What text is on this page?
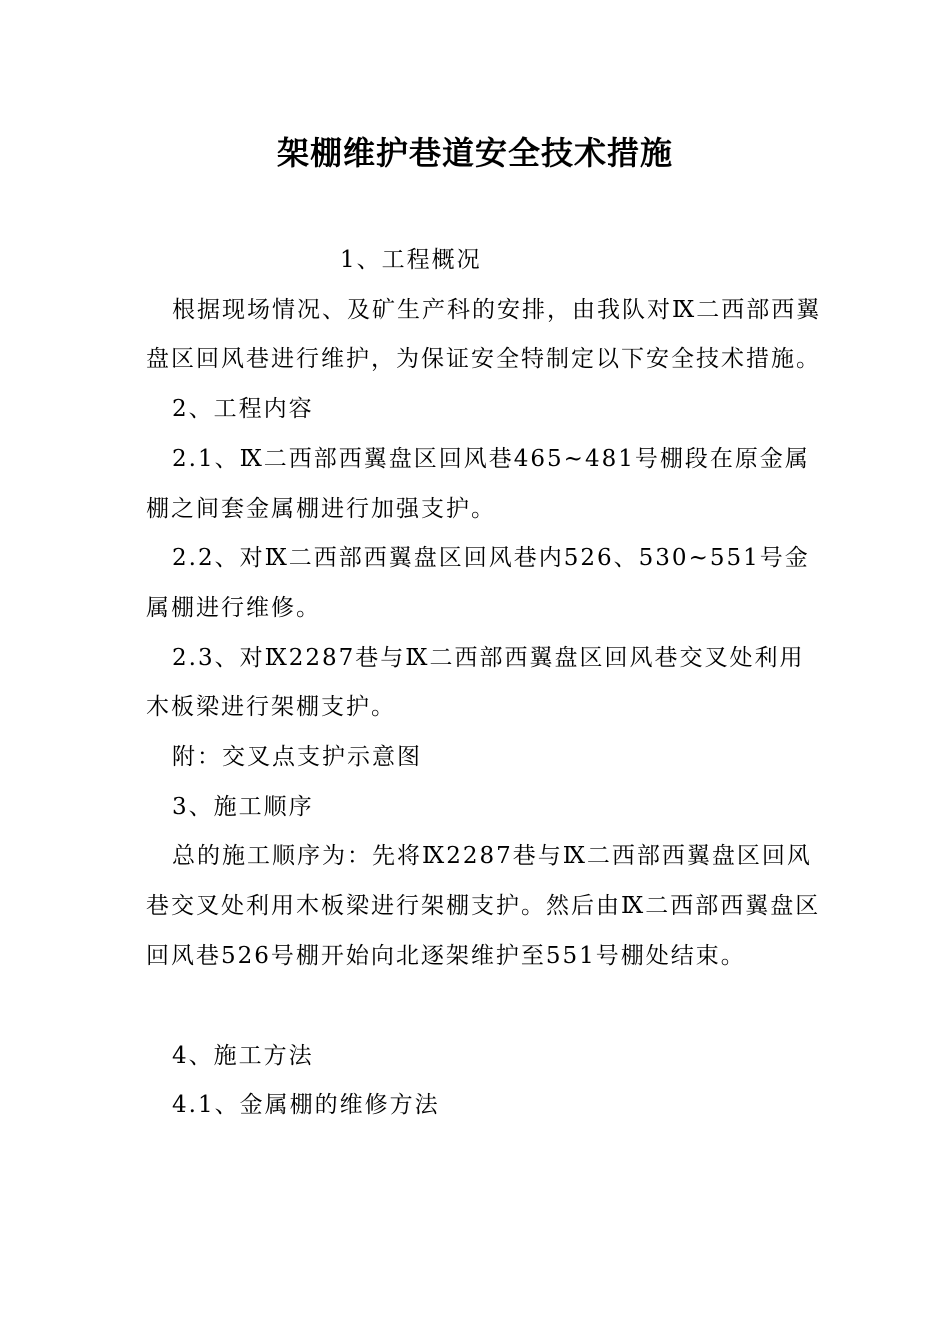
架棚维护巷道安全技术措施

1、工程概况

根据现场情况、及矿生产科的安排，由我队对Ⅸ二西部西翼盘区回风巷进行维护，为保证安全特制定以下安全技术措施。

2、工程内容

2.1、Ⅸ二西部西翼盘区回风巷465~481号棚段在原金属棚之间套金属棚进行加强支护。

2.2、对Ⅸ二西部西翼盘区回风巷内526、530~551号金属棚进行维修。

2.3、对Ⅸ2287巷与Ⅸ二西部西翼盘区回风巷交叉处利用木板梁进行架棚支护。

附：交叉点支护示意图

3、施工顺序

总的施工顺序为：先将Ⅸ2287巷与Ⅸ二西部西翼盘区回风巷交叉处利用木板梁进行架棚支护。然后由Ⅸ二西部西翼盘区回风巷526号棚开始向北逐架维护至551号棚处结束。

4、施工方法

4.1、金属棚的维修方法
